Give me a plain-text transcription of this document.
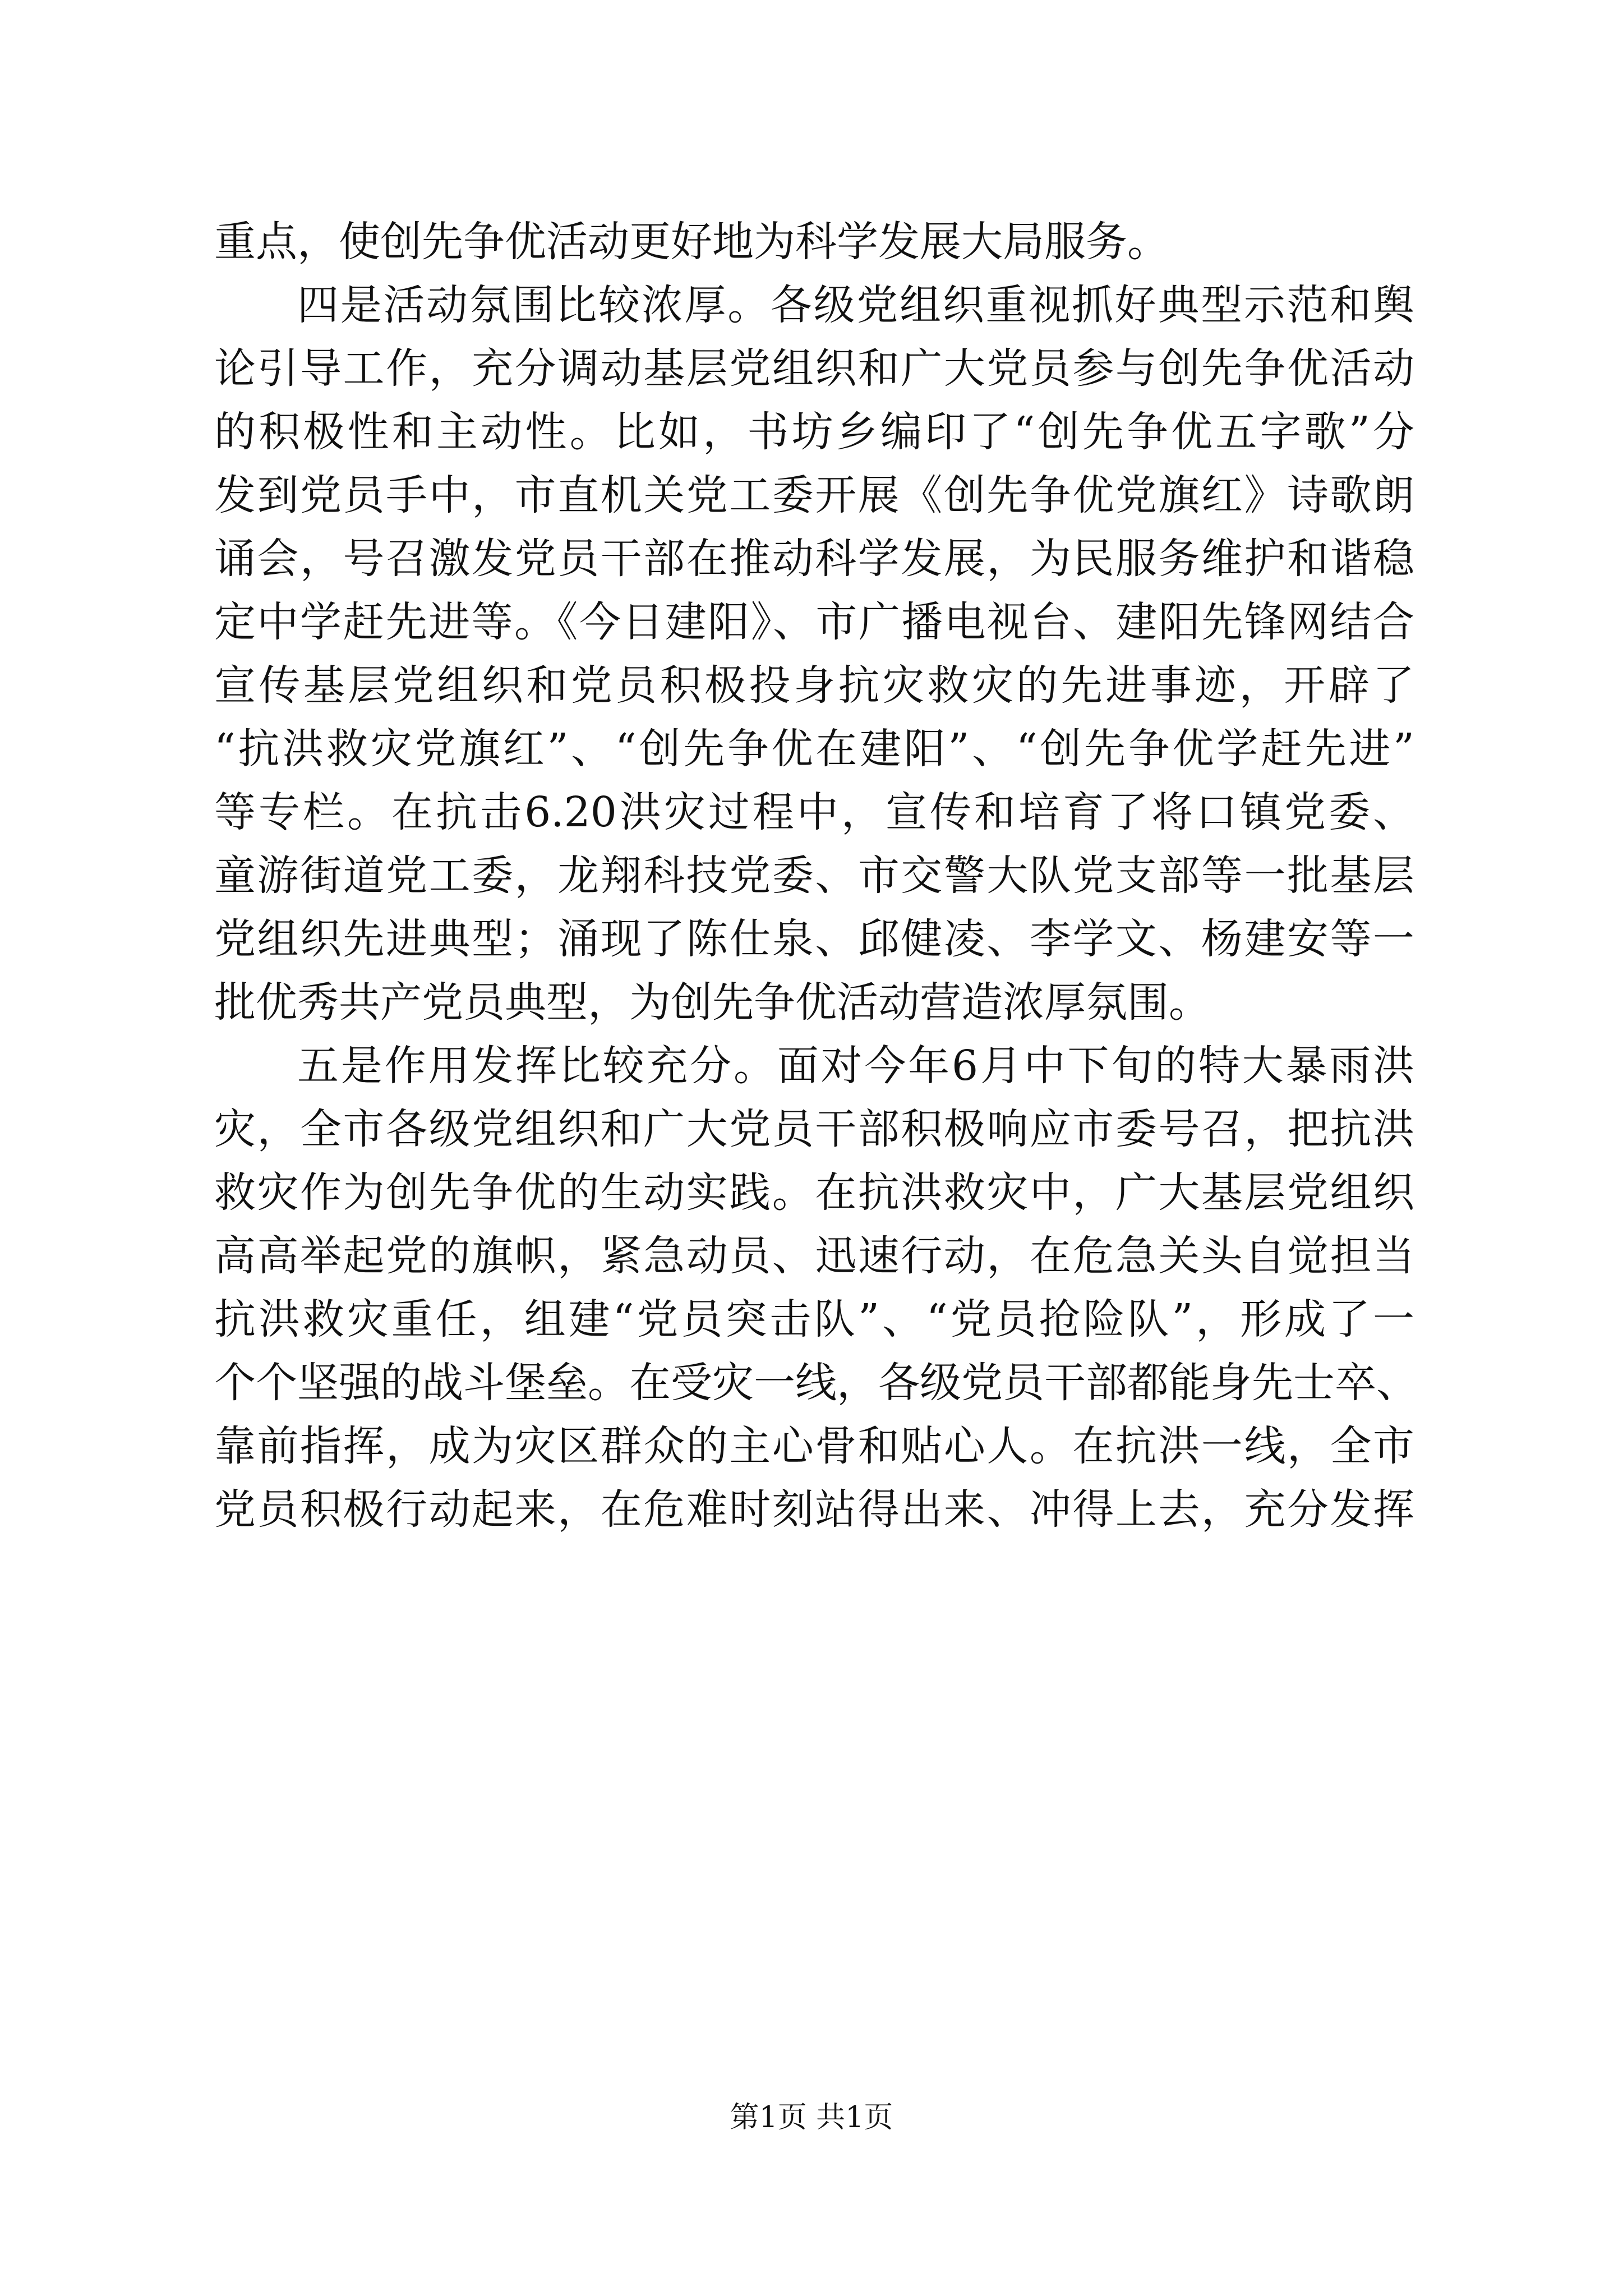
重点，使创先争优活动更好地为科学发展大局服务。
四是活动氛围比较浓厚。各级党组织重视抓好典型示范和舆
论引导工作，充分调动基层党组织和广大党员参与创先争优活动
的积极性和主动性。比如，书坊乡编印了“创先争优五字歌”分
发到党员手中，市直机关党工委开展《创先争优党旗红》诗歌朗
诵会，号召激发党员干部在推动科学发展，为民服务维护和谐稳
定中学赶先进等。《今日建阳》、市广播电视台、建阳先锋网结合
宣传基层党组织和党员积极投身抗灾救灾的先进事迹，开辟了
“抗洪救灾党旗红”、“创先争优在建阳”、“创先争优学赶先进”
等专栏。在抗击6.20洪灾过程中，宣传和培育了将口镇党委、
童游街道党工委，龙翔科技党委、市交警大队党支部等一批基层
党组织先进典型；涌现了陈仕泉、邱健凌、李学文、杨建安等一
批优秀共产党员典型，为创先争优活动营造浓厚氛围。
五是作用发挥比较充分。面对今年6月中下旬的特大暴雨洪
灾，全市各级党组织和广大党员干部积极响应市委号召，把抗洪
救灾作为创先争优的生动实践。在抗洪救灾中，广大基层党组织
高高举起党的旗帜，紧急动员、迅速行动，在危急关头自觉担当
抗洪救灾重任，组建“党员突击队”、“党员抢险队”，形成了一
个个坚强的战斗堡垒。在受灾一线，各级党员干部都能身先士卒、
靠前指挥，成为灾区群众的主心骨和贴心人。在抗洪一线，全市
党员积极行动起来，在危难时刻站得出来、冲得上去，充分发挥
第1页 共1页
